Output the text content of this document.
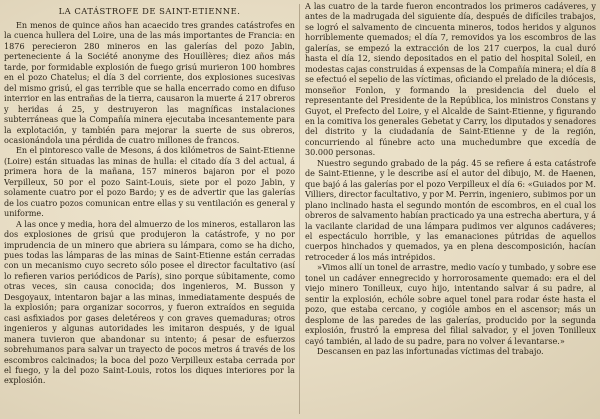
LA CATÁSTROFE DE SAINT-ETIENNE.

En menos de quince años han acaecido tres grandes catástrofes en la cuenca hullera del Loire, una de las más importantes de Francia: en 1876 perecieron 280 mineros en las galerías del pozo Jabin, perteneciente á la Société anonyme des Houillères; diez años más tarde, por formidable explosión de fuego grisú murieron 100 hombres en el pozo Chatelus; el día 3 del corriente, dos explosiones sucesivas del mismo grisú, el gas terrible que se halla encerrado como en difuso interrior en las entrañas de la tierra, causaron la muerte á 217 obreros y heridas á 25, y destruyeron las magníficas instalaciones subterráneas que la Compañía minera ejecutaba incesantemente para la explotación, y también para mejorar la suerte de sus obreros, ocasionándola una pérdida de cuatro millones de francos.

En el pintoresco valle de Mesons, á dos kilómetros de Saint-Etienne (Loire) están situadas las minas de hulla: el citado día 3 del actual, á primera hora de la mañana, 157 mineros bajaron por el pozo Verpilleux, 50 por el pozo Saint-Louis, siete por el pozo Jabin, y solamente cuatro por el pozo Bardo; y es de advertir que las galerías de los cuatro pozos comunican entre ellas y su ventilación es general y uniforme.

A las once y media, hora del almuerzo de los mineros, estallaron las dos explosiones de grisú que produjeron la catástrofe, y no por imprudencia de un minero que abriera su lámpara, como se ha dicho, pues todas las lámparas de las minas de Saint-Etienne están cerradas con un mecanismo cuyo secreto sólo posee el director facultativo (así lo refieren varios periódicos de París), sino porque súbitamente, como otras veces, sin causa conocida; dos ingenieros, M. Busson y Desgoyaux, intentaron bajar a las minas, inmediatamente después de la explosión; para organizar socorros, y fueron extraídos en seguida casi asfixiados por gases deletéreos y con graves quemaduras; otros ingenieros y algunas autoridades les imitaron después, y de igual manera tuvieron que abandonar su intento; á pesar de esfuerzos sobrehumanos para salvar un trayecto de pocos metros á través de los escombros calcinados; la boca del pozo Verpilleux estaba cerrada por el fuego, y la del pozo Saint-Louis, rotos los diques interiores por la explosión.

A las cuatro de la tarde fueron encontrados los primeros cadáveres, y antes de la madrugada del siguiente día, después de difíciles trabajos, se logró el salvamento de cincuenta mineros, todos heridos y algunos horriblemente quemados; el día 7, removidos ya los escombros de las galerías, se empezó la extracción de los 217 cuerpos, la cual duró hasta el día 12, siendo depositados en el patio del hospital Soleil, en modestas cajas construidas á expensas de la Compañía minera; el día 8 se efectuó el sepelio de las víctimas, oficiando el prelado de la diócesis, monseñor Fonlon, y formando la presidencia del duelo el representante del Presidente de la República, los ministros Constans y Guyot, el Prefecto del Loire, y el Alcalde de Saint-Etienne, y figurando en la comitiva los generales Gebetat y Carry, los diputados y senadores del distrito y la ciudadanía de Saint-Etienne y de la región, concurriendo al fúnebre acto una muchedumbre que excedía de 30.000 personas.

Nuestro segundo grabado de la pág. 45 se refiere á esta catástrofe de Saint-Etienne, y le describe así el autor del dibujo, M. de Haenen, que bajó á las galerías por el pozo Verpilleux el día 6: «Guiados por M. Villiers, director facultativo, y por M. Perrin, ingeniero, subimos por un plano inclinado hasta el segundo montón de escombros, en el cual los obreros de salvamento habían practicado ya una estrecha abertura, y á la vacilante claridad de una lámpara pudimos ver algunos cadáveres; el espectáculo horrible, y las emanaciones pútridas de aquellos cuerpos hinchados y quemados, ya en plena descomposición, hacían retroceder á los más intrépidos.

»Vimos allí un tonel de arrastre, medio vacío y tumbado, y sobre ese tonel un cadáver ennegrecido y horrorosamente quemado: era el del viejo minero Tonilleux, cuyo hijo, intentando salvar á su padre, al sentir la explosión, echóle sobre aquel tonel para rodar éste hasta el pozo, que estaba cercano, y cogióle ambos en el ascensor; más un desplome de las paredes de las galerías, producido por la segunda explosión, frustró la empresa del filial salvador, y el joven Tonilleux cayó también, al lado de su padre, para no volver á levantarse.»

Descansen en paz las infortunadas víctimas del trabajo.
